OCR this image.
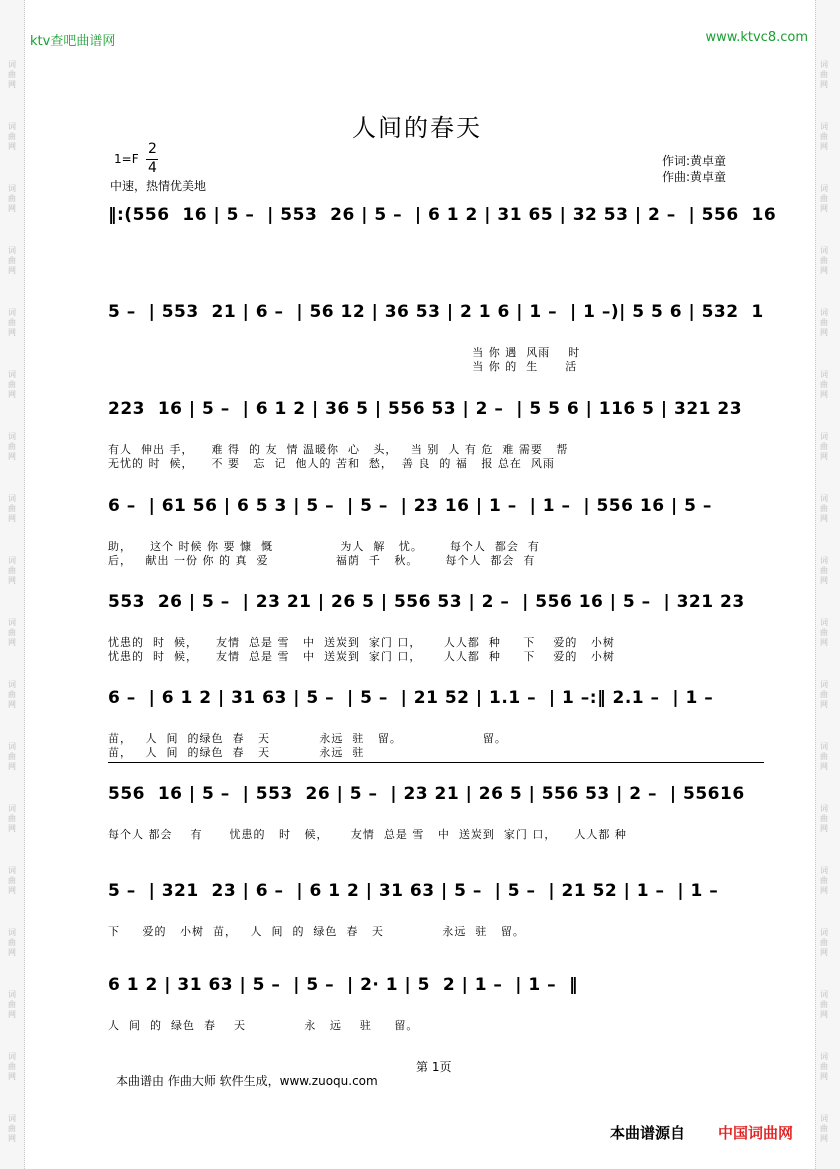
词
曲
网
词
曲
网
词
曲
网
词
曲
网
词
曲
网
词
曲
网
词
曲
网
词
曲
网
词
曲
网
词
曲
网
词
曲
网
词
曲
网
词
曲
网
词
曲
网
词
曲
网
词
曲
网
词
曲
网
词
曲
网
词
曲
网
词
曲
网
词
曲
网
词
曲
网
词
曲
网
词
曲
网
词
曲
网
词
曲
网
词
曲
网
词
曲
网
词
曲
网
词
曲
网
词
曲
网
词
曲
网
词
曲
网
词
曲
网
词
曲
网
词
曲
网
ktv查吧曲谱网	www.ktvc8.com
人间的春天
1=F
2
4
中速，热情优美地
作词:黄卓童
作曲:黄卓童
‖:(556  16 | 5 –  | 553  26 | 5 –  | 6 1 2 | 31 65 | 32 53 | 2 –  | 556  16
5 –  | 553  21 | 6 –  | 56 12 | 36 53 | 2 1 6 | 1 –  | 1 –)| 5 5 6 | 532  1
当 你 遇  风雨    时
当 你 的  生      活
223  16 | 5 –  | 6 1 2 | 36 5 | 556 53 | 2 –  | 5 5 6 | 116 5 | 321 23
有人  伸出 手，    难 得  的 友  情 温暖你  心   头，   当 别  人 有 危  难 需要   帮
无忧的 时  候，    不 要   忘  记  他人的 苦和  愁，  善 良  的 福   报 总在  风雨
6 –  | 61 56 | 6 5 3 | 5 –  | 5 –  | 23 16 | 1 –  | 1 –  | 556 16 | 5 –
助，    这个 时候 你 要 慷  慨               为人  解   忧。      每个人  都会  有
后，   献出 一份 你 的 真  爱               福荫  千   秋。      每个人  都会  有
553  26 | 5 –  | 23 21 | 26 5 | 556 53 | 2 –  | 556 16 | 5 –  | 321 23
忧患的  时  候，    友情  总是 雪   中  送炭到  家门 口，     人人都  种     下    爱的   小树
忧患的  时  候，    友情  总是 雪   中  送炭到  家门 口，     人人都  种     下    爱的   小树
6 –  | 6 1 2 | 31 63 | 5 –  | 5 –  | 21 52 | 1.1 –  | 1 –:‖ 2.1 –  | 1 –
苗，   人  间  的绿色  春   天           永远  驻   留。                  留。
苗，   人  间  的绿色  春   天           永远  驻
556  16 | 5 –  | 553  26 | 5 –  | 23 21 | 26 5 | 556 53 | 2 –  | 55616
每个人 都会    有      忧患的   时   候，     友情  总是 雪   中  送炭到  家门 口，    人人都 种
5 –  | 321  23 | 6 –  | 6 1 2 | 31 63 | 5 –  | 5 –  | 21 52 | 1 –  | 1 –
下     爱的   小树  苗，   人  间  的  绿色  春   天             永远  驻   留。
6 1 2 | 31 63 | 5 –  | 5 –  | 2· 1 | 5  2 | 1 –  | 1 –  ‖
人  间  的  绿色  春    天             永   远    驻     留。
第 1页
本曲谱由 作曲大师 软件生成，www.zuoqu.com
本曲谱源自 中国词曲网
